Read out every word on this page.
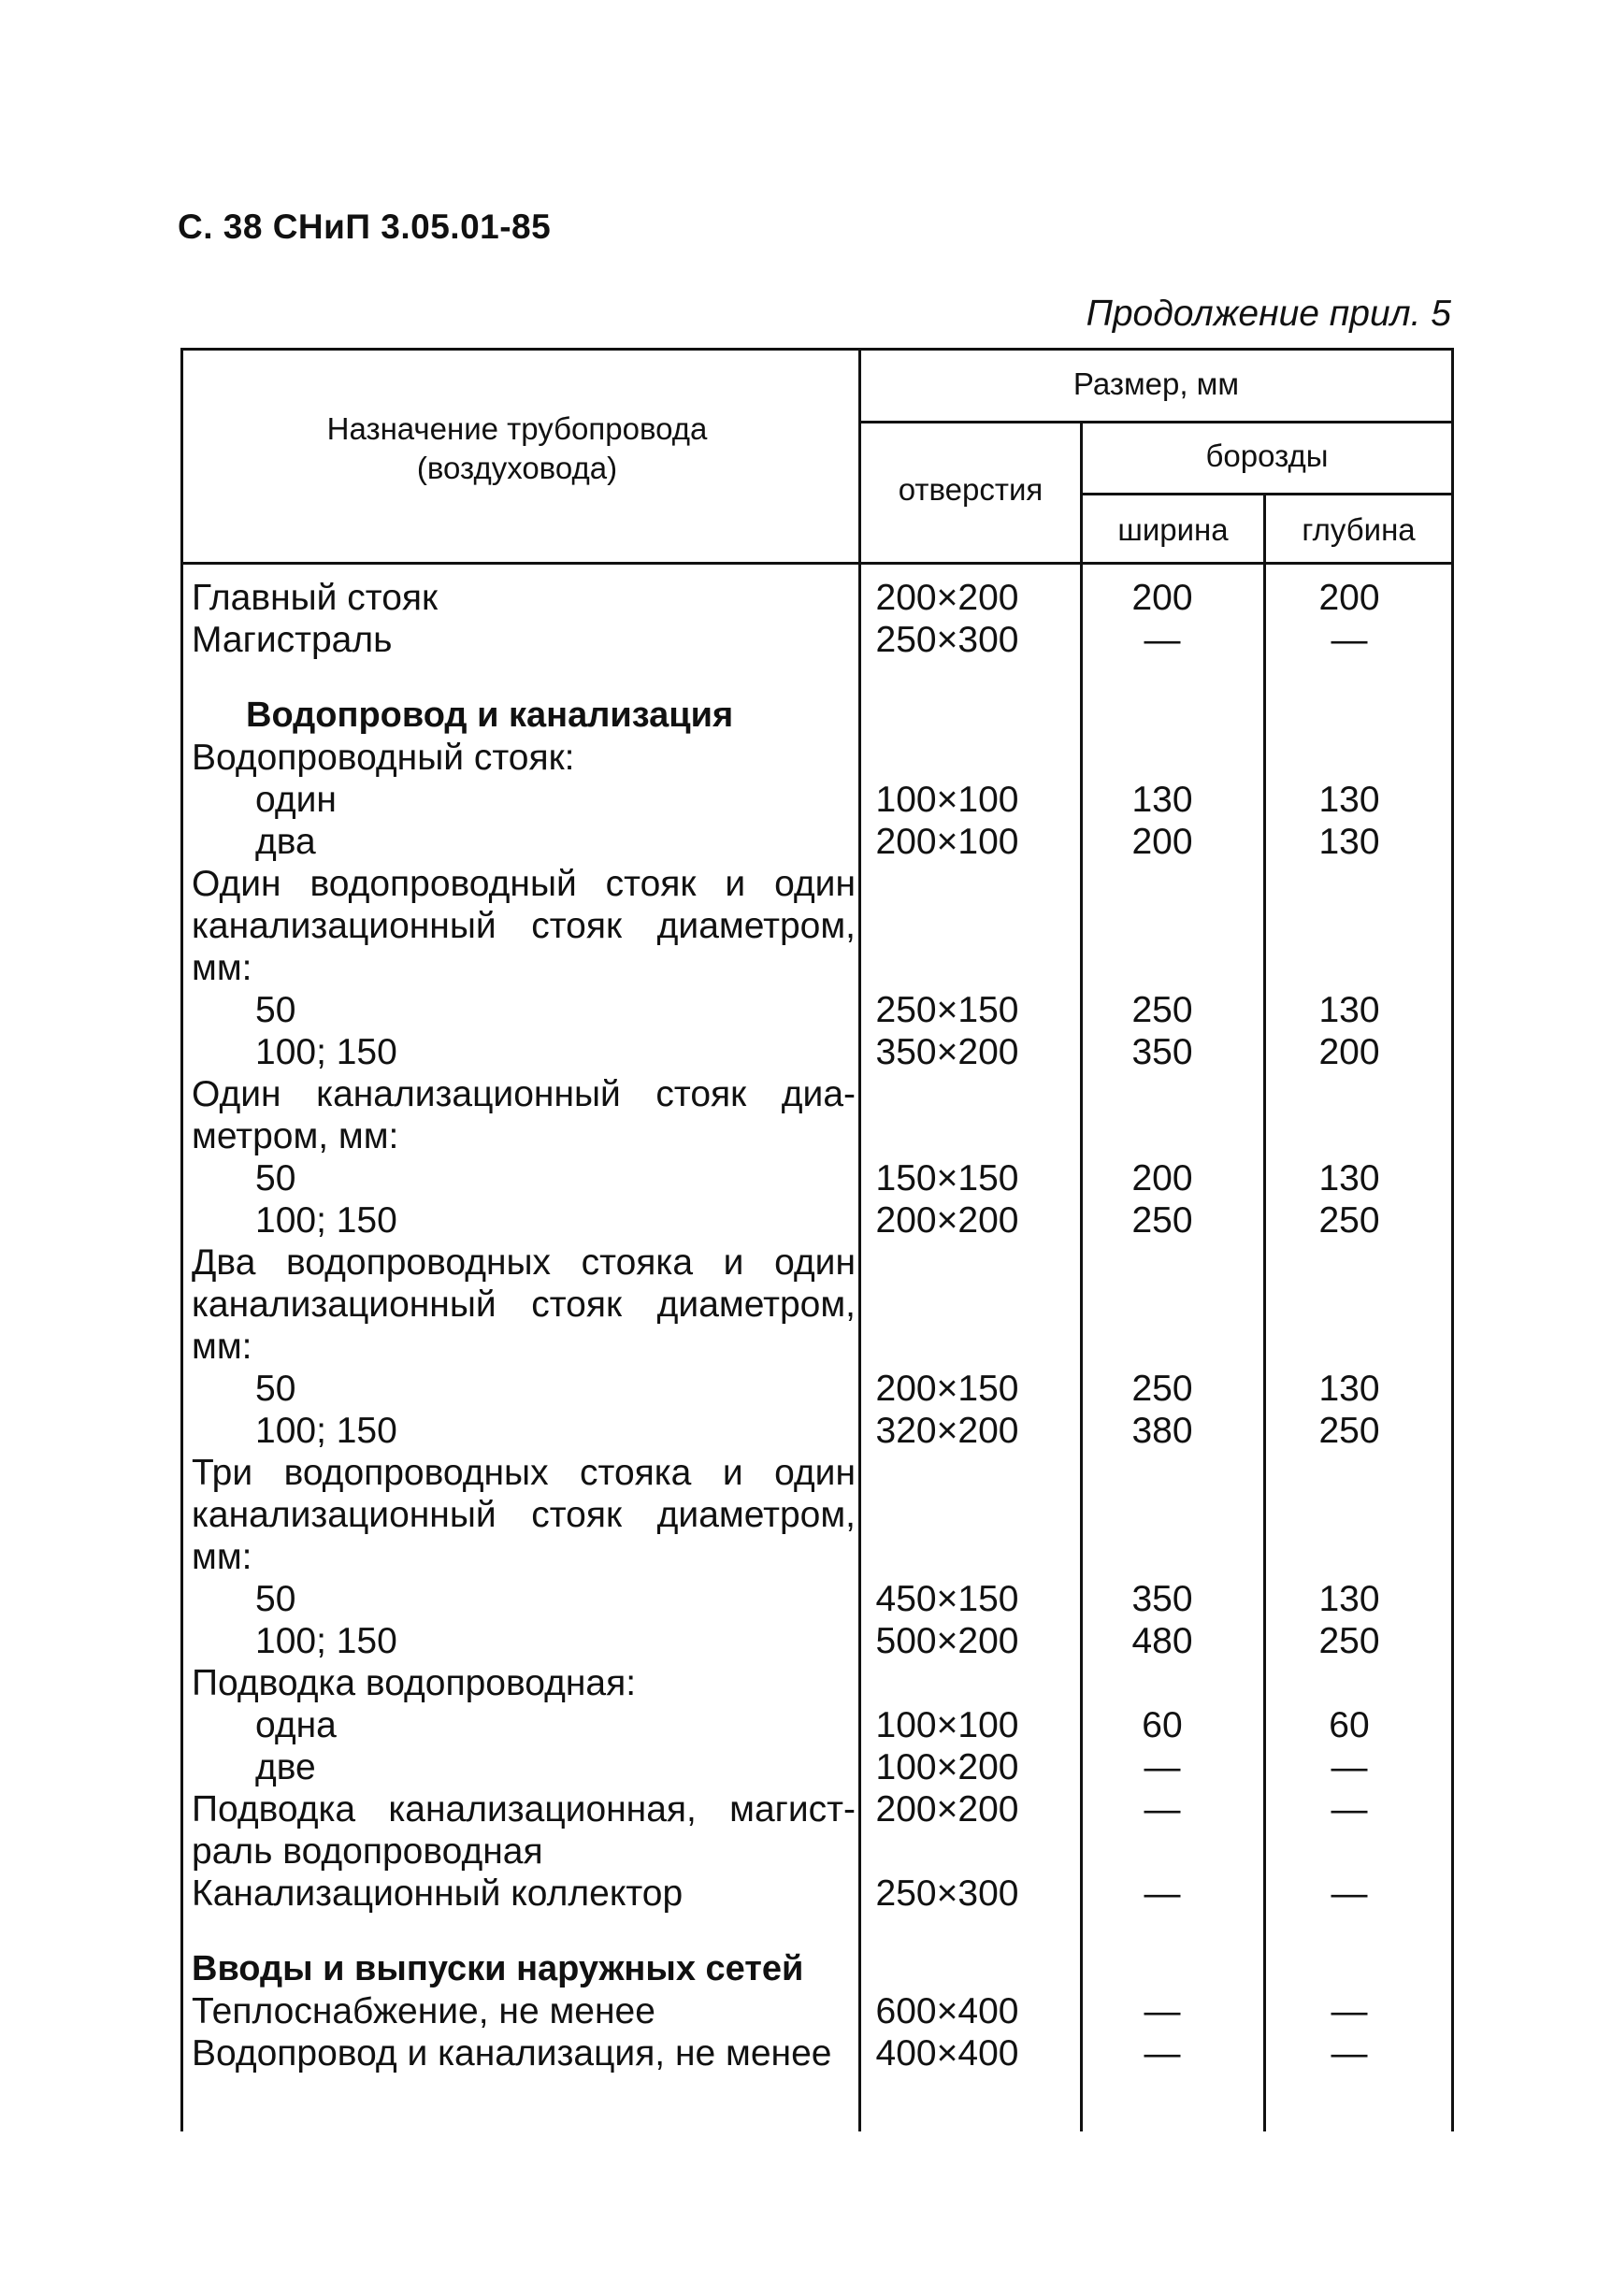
С. 38 СНиП 3.05.01-85
Продолжение прил. 5
Назначение трубопровода (воздуховода)
Размер, мм
отверстия
борозды
ширина	глубина
Главный стояк	200×200	200	200
Магистраль	250×300	—	—
Водопровод и канализация
Водопроводный стояк:
один	100×100	130	130
два	200×100	200	130
Один водопроводный стояк и один
канализационный стояк диаметром,
мм:
50	250×150	250	130
100; 150	350×200	350	200
Один канализационный стояк диа-
метром, мм:
50	150×150	200	130
100; 150	200×200	250	250
Два водопроводных стояка и один
канализационный стояк диаметром,
мм:
50	200×150	250	130
100; 150	320×200	380	250
Три водопроводных стояка и один
канализационный стояк диаметром,
мм:
50	450×150	350	130
100; 150	500×200	480	250
Подводка водопроводная:
одна	100×100	60	60
две	100×200	—	—
Подводка канализационная, магист- 200×200	—	—
раль водопроводная
Канализационный коллектор	250×300	—	—
Вводы и выпуски наружных сетей
Теплоснабжение, не менее	600×400	—	—
Водопровод и канализация, не менее	400×400	—	—
